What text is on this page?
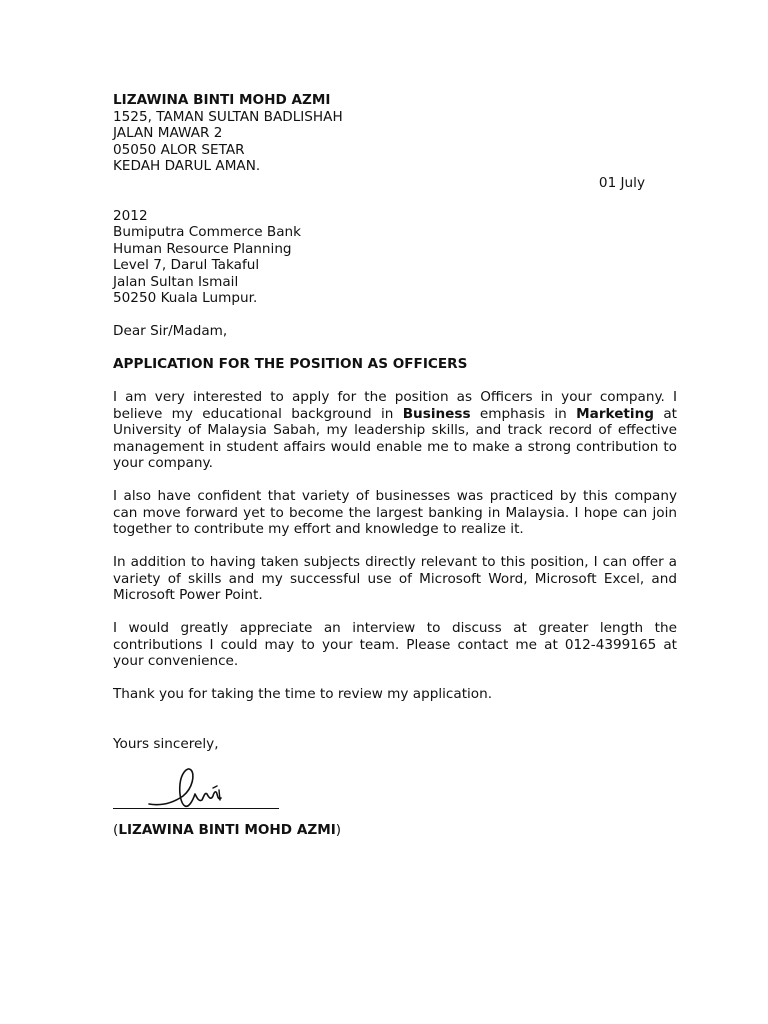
LIZAWINA BINTI MOHD AZMI
1525, TAMAN SULTAN BADLISHAH
JALAN MAWAR 2
05050 ALOR SETAR
KEDAH DARUL AMAN.
01 July
2012
Bumiputra Commerce Bank
Human Resource Planning
Level 7, Darul Takaful
Jalan Sultan Ismail
50250 Kuala Lumpur.
Dear Sir/Madam,
APPLICATION FOR THE POSITION AS OFFICERS

I am very interested to apply for the position as Officers in your company. I believe my educational background in Business emphasis in Marketing at University of Malaysia Sabah, my leadership skills, and track record of effective management in student affairs would enable me to make a strong contribution to your company.

I also have confident that variety of businesses was practiced by this company can move forward yet to become the largest banking in Malaysia. I hope can join together to contribute my effort and knowledge to realize it.

In addition to having taken subjects directly relevant to this position, I can offer a variety of skills and my successful use of Microsoft Word, Microsoft Excel, and Microsoft Power Point.

I would greatly appreciate an interview to discuss at greater length the contributions I could may to your team. Please contact me at 012-4399165 at your convenience.

Thank you for taking the time to review my application.

Yours sincerely,
(LIZAWINA BINTI MOHD AZMI)
